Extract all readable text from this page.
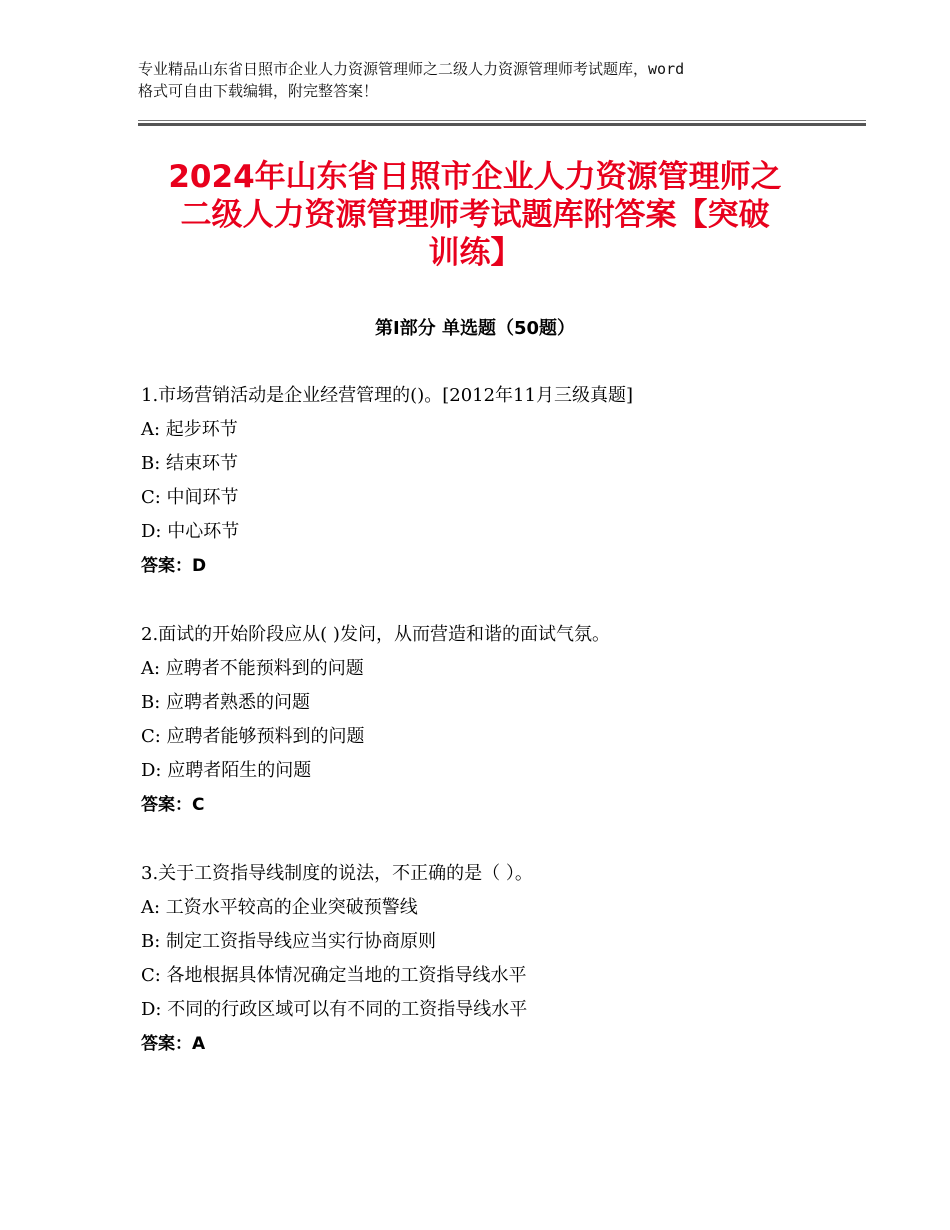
专业精品山东省日照市企业人力资源管理师之二级人力资源管理师考试题库，word
格式可自由下载编辑，附完整答案！
2024年山东省日照市企业人力资源管理师之
二级人力资源管理师考试题库附答案【突破
训练】
第Ⅰ部分 单选题（50题）
1.市场营销活动是企业经营管理的()。[2012年11月三级真题]
A: 起步环节
B: 结束环节
C: 中间环节
D: 中心环节
答案：D
2.面试的开始阶段应从( )发问，从而营造和谐的面试气氛。
A: 应聘者不能预料到的问题
B: 应聘者熟悉的问题
C: 应聘者能够预料到的问题
D: 应聘者陌生的问题
答案：C
3.关于工资指导线制度的说法，不正确的是（ ）。
A: 工资水平较高的企业突破预警线
B: 制定工资指导线应当实行协商原则
C: 各地根据具体情况确定当地的工资指导线水平
D: 不同的行政区域可以有不同的工资指导线水平
答案：A
